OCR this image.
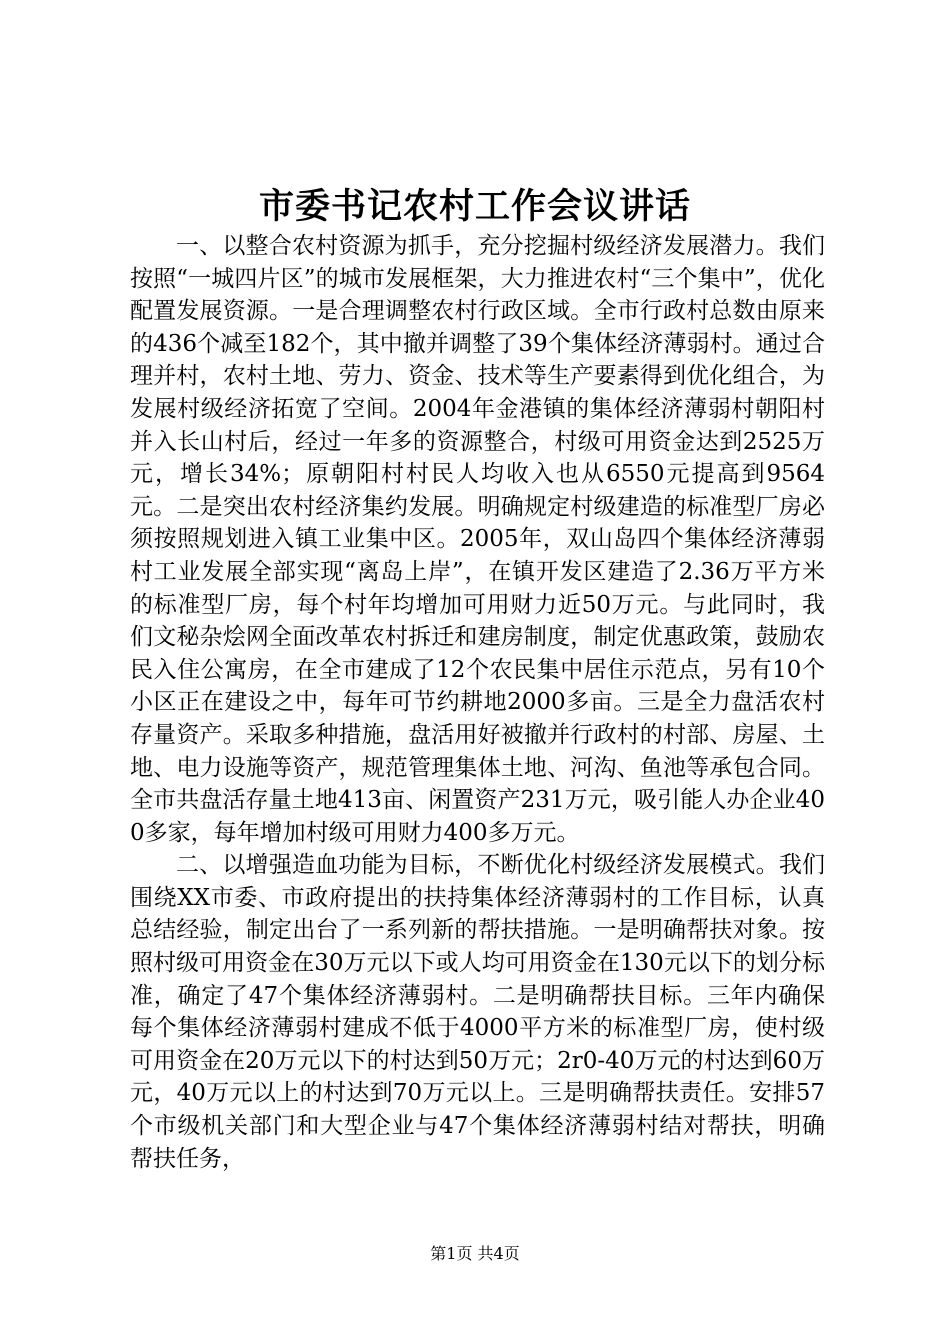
市委书记农村工作会议讲话

一、以整合农村资源为抓手，充分挖掘村级经济发展潜力。我们按照“一城四片区”的城市发展框架，大力推进农村“三个集中”，优化配置发展资源。一是合理调整农村行政区域。全市行政村总数由原来的436个减至182个，其中撤并调整了39个集体经济薄弱村。通过合理并村，农村土地、劳力、资金、技术等生产要素得到优化组合，为发展村级经济拓宽了空间。2004年金港镇的集体经济薄弱村朝阳村并入长山村后，经过一年多的资源整合，村级可用资金达到2525万元，增长34%；原朝阳村村民人均收入也从6550元提高到9564元。二是突出农村经济集约发展。明确规定村级建造的标准型厂房必须按照规划进入镇工业集中区。2005年，双山岛四个集体经济薄弱村工业发展全部实现“离岛上岸”，在镇开发区建造了2.36万平方米的标准型厂房，每个村年均增加可用财力近50万元。与此同时，我们文秘杂烩网全面改革农村拆迁和建房制度，制定优惠政策，鼓励农民入住公寓房，在全市建成了12个农民集中居住示范点，另有10个小区正在建设之中，每年可节约耕地2000多亩。三是全力盘活农村存量资产。采取多种措施，盘活用好被撤并行政村的村部、房屋、土地、电力设施等资产，规范管理集体土地、河沟、鱼池等承包合同。全市共盘活存量土地413亩、闲置资产231万元，吸引能人办企业400多家，每年增加村级可用财力400多万元。

二、以增强造血功能为目标，不断优化村级经济发展模式。我们围绕XX市委、市政府提出的扶持集体经济薄弱村的工作目标，认真总结经验，制定出台了一系列新的帮扶措施。一是明确帮扶对象。按照村级可用资金在30万元以下或人均可用资金在130元以下的划分标准，确定了47个集体经济薄弱村。二是明确帮扶目标。三年内确保每个集体经济薄弱村建成不低于4000平方米的标准型厂房，使村级可用资金在20万元以下的村达到50万元；2r0-40万元的村达到60万元，40万元以上的村达到70万元以上。三是明确帮扶责任。安排57个市级机关部门和大型企业与47个集体经济薄弱村结对帮扶，明确帮扶任务，

第1页 共4页
